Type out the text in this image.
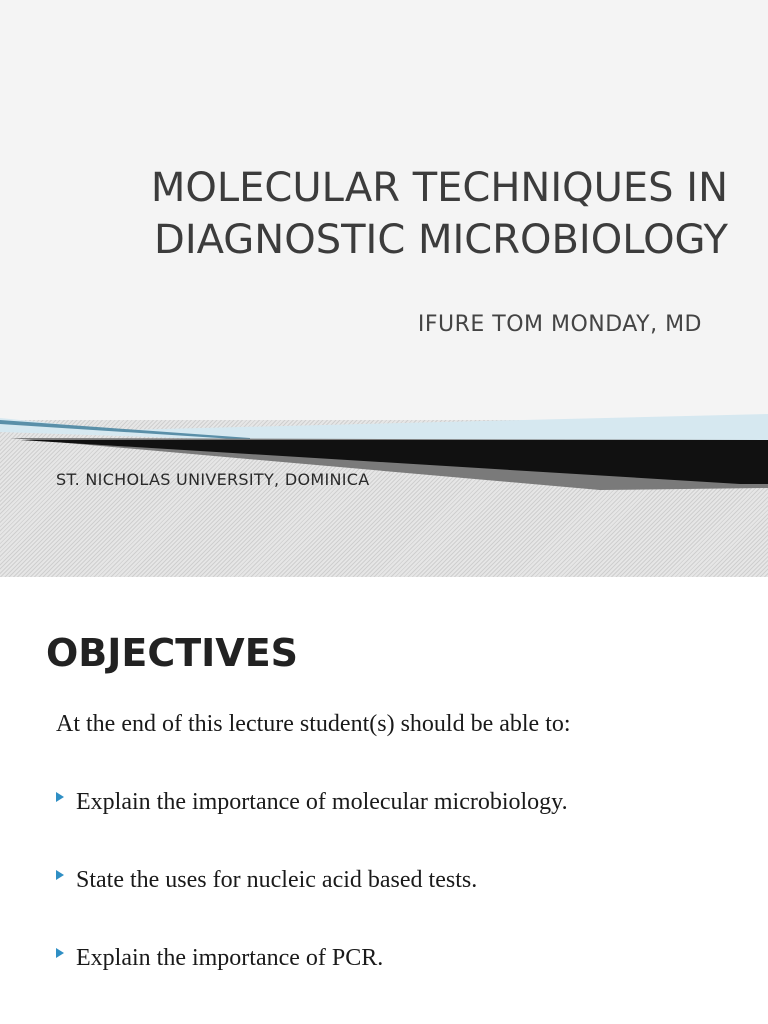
MOLECULAR TECHNIQUES IN
DIAGNOSTIC MICROBIOLOGY
IFURE TOM MONDAY, MD
ST. NICHOLAS UNIVERSITY, DOMINICA
OBJECTIVES

At the end of this lecture student(s) should be able to:

Explain the importance of molecular microbiology.
State the uses for nucleic acid based tests.
Explain the importance of PCR.
